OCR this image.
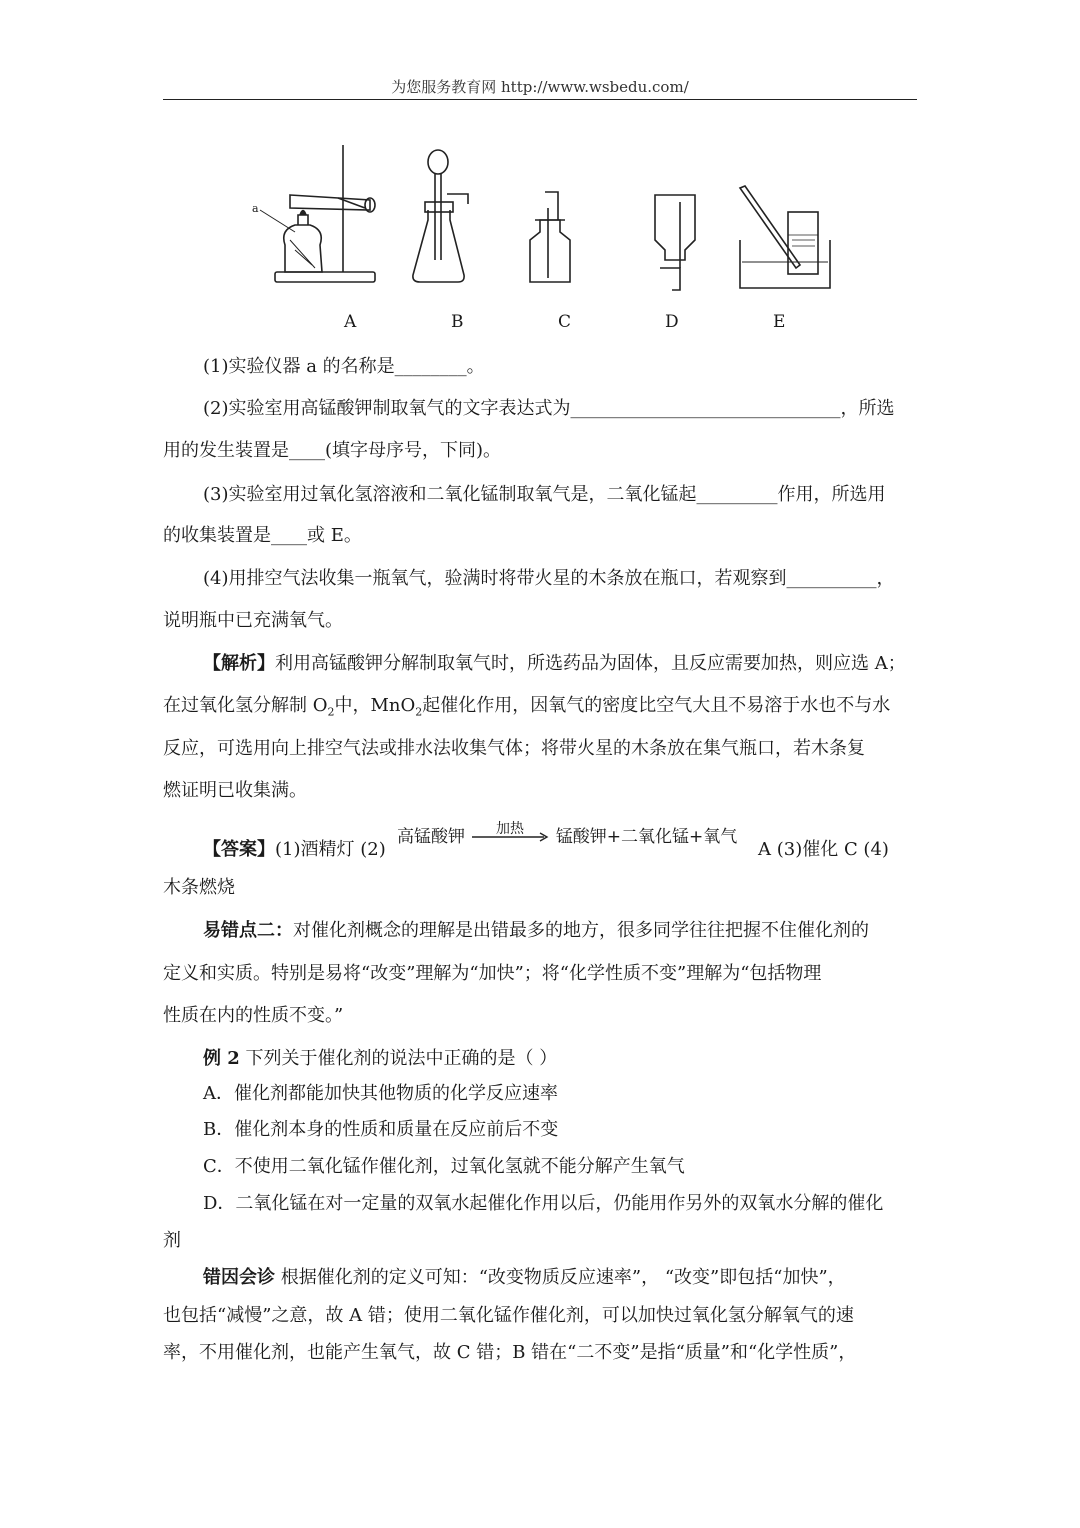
为您服务教育网 http://www.wsbedu.com/
a
A	B	C	D	E
(1)实验仪器 a 的名称是________。
(2)实验室用高锰酸钾制取氧气的文字表达式为______________________________，所选
用的发生装置是____(填字母序号，下同)。
(3)实验室用过氧化氢溶液和二氧化锰制取氧气是，二氧化锰起_________作用，所选用
的收集装置是____或 E。
(4)用排空气法收集一瓶氧气，验满时将带火星的木条放在瓶口，若观察到__________，
说明瓶中已充满氧气。
【解析】利用高锰酸钾分解制取氧气时，所选药品为固体，且反应需要加热，则应选 A；
在过氧化氢分解制 $O_2$中，MnO$_2$起催化作用，因氧气的密度比空气大且不易溶于水也不与水
反应，可选用向上排空气法或排水法收集气体；将带火星的木条放在集气瓶口，若木条复
燃证明已收集满。
【答案】(1)酒精灯 (2)
加热
高锰酸钾	锰酸钾+二氧化锰+氧气
A (3)催化 C (4)
木条燃烧
易错点二：对催化剂概念的理解是出错最多的地方，很多同学往往把握不住催化剂的
定义和实质。特别是易将“改变”理解为“加快”；将“化学性质不变”理解为“包括物理
性质在内的性质不变。”
例 2 下列关于催化剂的说法中正确的是（ ）
A．催化剂都能加快其他物质的化学反应速率
B．催化剂本身的性质和质量在反应前后不变
C．不使用二氧化锰作催化剂，过氧化氢就不能分解产生氧气
D．二氧化锰在对一定量的双氧水起催化作用以后，仍能用作另外的双氧水分解的催化
剂
错因会诊 根据催化剂的定义可知：“改变物质反应速率”， “改变”即包括“加快”，
也包括“减慢”之意，故 A 错；使用二氧化锰作催化剂，可以加快过氧化氢分解氧气的速
率，不用催化剂，也能产生氧气，故 C 错；B 错在“二不变”是指“质量”和“化学性质”，
